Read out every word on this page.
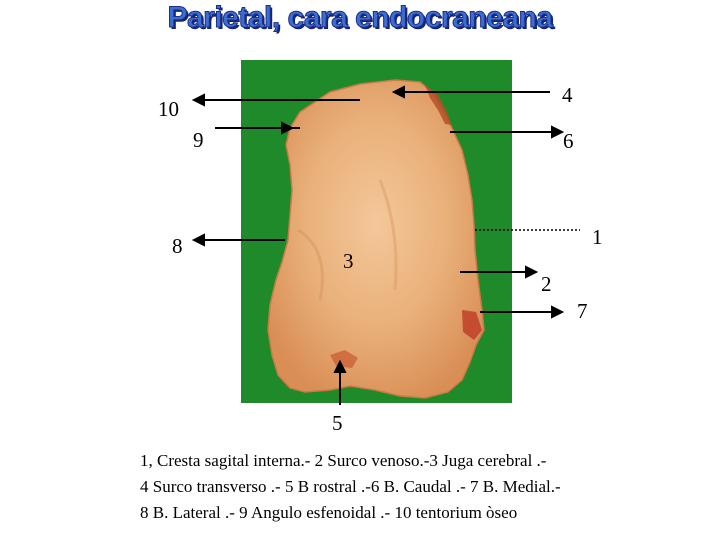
Parietal, cara endocraneana
4
10
9	6
1
8
3
2
7
5
1, Cresta sagital interna.- 2 Surco venoso.-3 Juga cerebral .-
4 Surco transverso .- 5 B rostral .-6 B. Caudal .- 7 B. Medial.-
8 B. Lateral .- 9 Angulo esfenoidal .- 10 tentorium òseo
